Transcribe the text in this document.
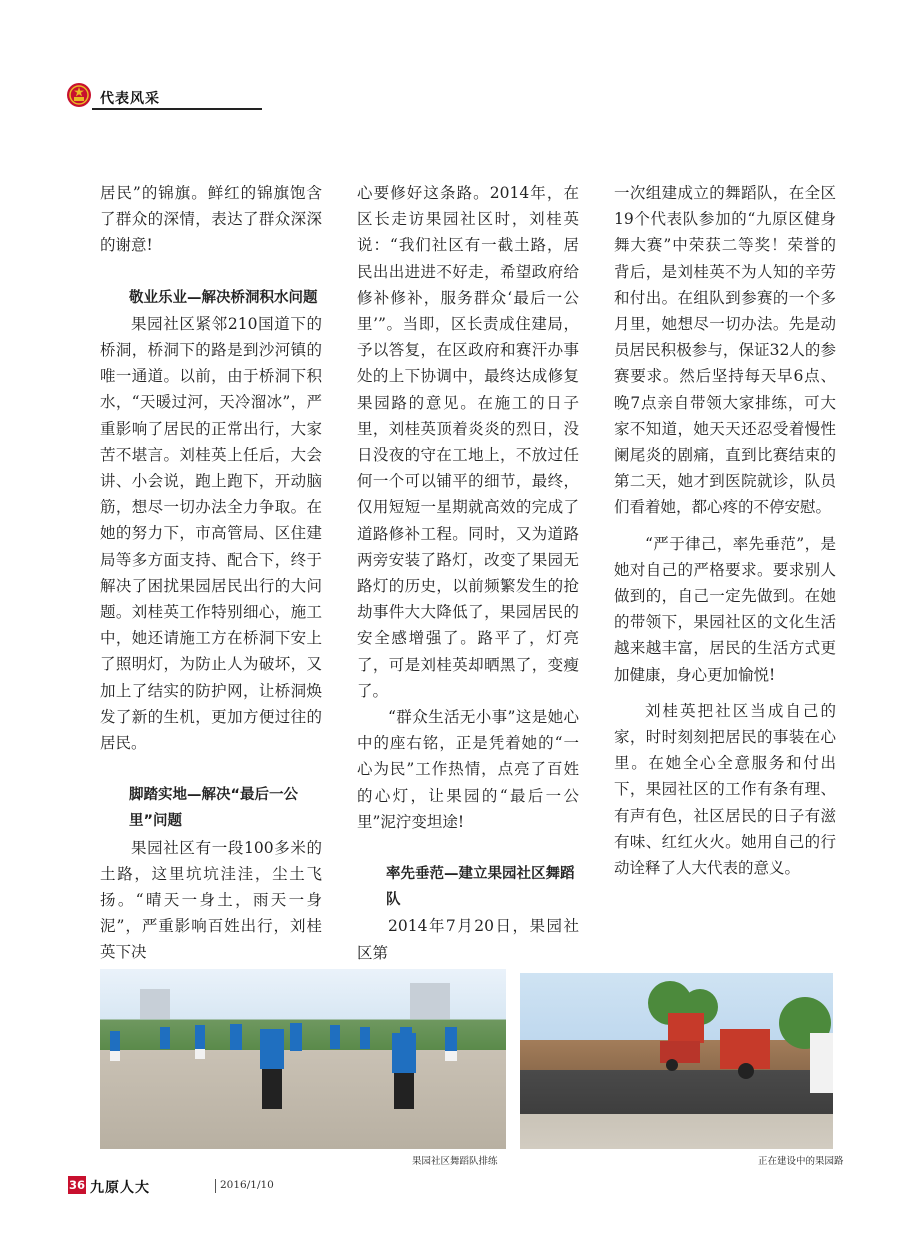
代表风采

居民”的锦旗。鲜红的锦旗饱含了群众的深情，表达了群众深深的谢意!

敬业乐业—解决桥洞积水问题

果园社区紧邻210国道下的桥洞，桥洞下的路是到沙河镇的唯一通道。以前，由于桥洞下积水，“天暖过河，天冷溜冰”，严重影响了居民的正常出行，大家苦不堪言。刘桂英上任后，大会讲、小会说，跑上跑下，开动脑筋，想尽一切办法全力争取。在她的努力下，市高管局、区住建局等多方面支持、配合下，终于解决了困扰果园居民出行的大问题。刘桂英工作特别细心，施工中，她还请施工方在桥洞下安上了照明灯，为防止人为破坏，又加上了结实的防护网，让桥洞焕发了新的生机，更加方便过往的居民。

脚踏实地—解决“最后一公里”问题

果园社区有一段100多米的土路，这里坑坑洼洼，尘土飞扬。“晴天一身土，雨天一身泥”，严重影响百姓出行，刘桂英下决

心要修好这条路。2014年，在区长走访果园社区时，刘桂英说：“我们社区有一截土路，居民出出进进不好走，希望政府给修补修补，服务群众‘最后一公里’”。当即，区长责成住建局，予以答复，在区政府和赛汗办事处的上下协调中，最终达成修复果园路的意见。在施工的日子里，刘桂英顶着炎炎的烈日，没日没夜的守在工地上，不放过任何一个可以铺平的细节，最终，仅用短短一星期就高效的完成了道路修补工程。同时，又为道路两旁安装了路灯，改变了果园无路灯的历史，以前频繁发生的抢劫事件大大降低了，果园居民的安全感增强了。路平了，灯亮了，可是刘桂英却晒黑了，变瘦了。

“群众生活无小事”这是她心中的座右铭，正是凭着她的“一心为民”工作热情，点亮了百姓的心灯，让果园的“最后一公里”泥泞变坦途!

率先垂范—建立果园社区舞蹈队

2014年7月20日，果园社区第

一次组建成立的舞蹈队，在全区19个代表队参加的“九原区健身舞大赛”中荣获二等奖！荣誉的背后，是刘桂英不为人知的辛劳和付出。在组队到参赛的一个多月里，她想尽一切办法。先是动员居民积极参与，保证32人的参赛要求。然后坚持每天早6点、晚7点亲自带领大家排练，可大家不知道，她天天还忍受着慢性阑尾炎的剧痛，直到比赛结束的第二天，她才到医院就诊，队员们看着她，都心疼的不停安慰。

“严于律己，率先垂范”，是她对自己的严格要求。要求别人做到的，自己一定先做到。在她的带领下，果园社区的文化生活越来越丰富，居民的生活方式更加健康，身心更加愉悦!

刘桂英把社区当成自己的家，时时刻刻把居民的事装在心里。在她全心全意服务和付出下，果园社区的工作有条有理、有声有色，社区居民的日子有滋有味、红红火火。她用自己的行动诠释了人大代表的意义。

果园社区舞蹈队排练	正在建设中的果园路
36 九原人大	2016/1/10
